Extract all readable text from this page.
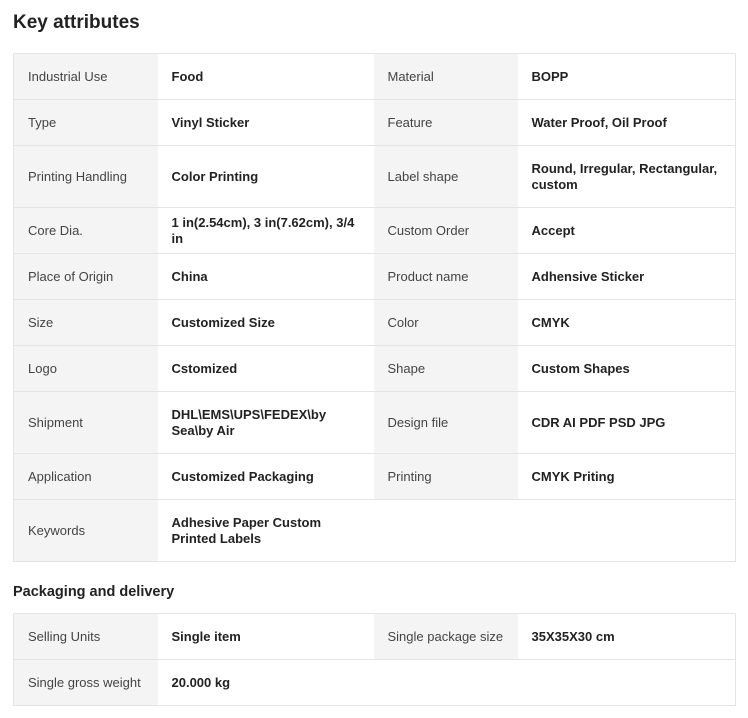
Key attributes
Industrial Use	Food	Material	BOPP
Type	Vinyl Sticker	Feature	Water Proof, Oil Proof
Printing Handling	Color Printing	Label shape	Round, Irregular, Rectangular, custom
Core Dia.	1 in(2.54cm), 3 in(7.62cm), 3/4 in	Custom Order	Accept
Place of Origin	China	Product name	Adhensive Sticker
Size	Customized Size	Color	CMYK
Logo	Cstomized	Shape	Custom Shapes
Shipment	DHL\EMS\UPS\FEDEX\by Sea\by Air	Design file	CDR AI PDF PSD JPG
Application	Customized Packaging	Printing	CMYK Priting
Keywords	Adhesive Paper Custom Printed Labels		
Packaging and delivery
Selling Units	Single item	Single package size	35X35X30 cm
Single gross weight	20.000 kg		
